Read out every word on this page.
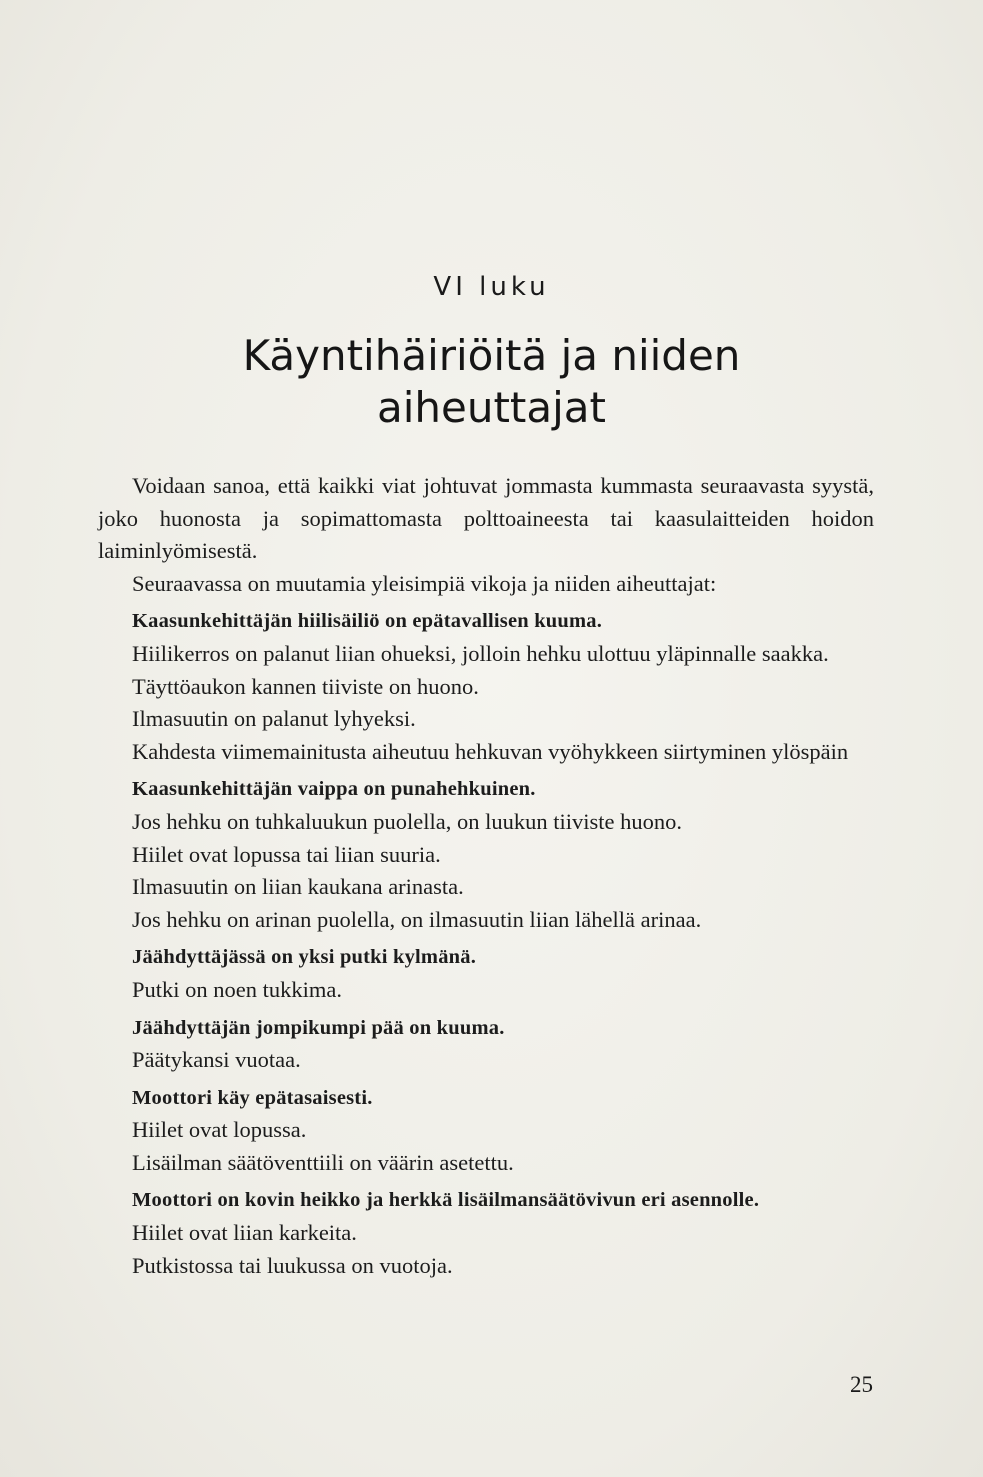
VI luku
Käyntihäiriöitä ja niiden
aiheuttajat

Voidaan sanoa, että kaikki viat johtuvat jommasta kummasta seuraavasta syystä, joko huonosta ja sopimattomasta polttoaineesta tai kaasulaitteiden hoidon laiminlyömisestä.

Seuraavassa on muutamia yleisimpiä vikoja ja niiden aiheuttajat:

Kaasunkehittäjän hiilisäiliö on epätavallisen kuuma.

Hiilikerros on palanut liian ohueksi, jolloin hehku ulottuu yläpinnalle saakka.

Täyttöaukon kannen tiiviste on huono.

Ilmasuutin on palanut lyhyeksi.

Kahdesta viimemainitusta aiheutuu hehkuvan vyöhykkeen siirtyminen ylöspäin

Kaasunkehittäjän vaippa on punahehkuinen.

Jos hehku on tuhkaluukun puolella, on luukun tiiviste huono.

Hiilet ovat lopussa tai liian suuria.

Ilmasuutin on liian kaukana arinasta.

Jos hehku on arinan puolella, on ilmasuutin liian lähellä arinaa.

Jäähdyttäjässä on yksi putki kylmänä.

Putki on noen tukkima.

Jäähdyttäjän jompikumpi pää on kuuma.

Päätykansi vuotaa.

Moottori käy epätasaisesti.

Hiilet ovat lopussa.

Lisäilman säätöventtiili on väärin asetettu.

Moottori on kovin heikko ja herkkä lisäilmansäätövivun eri asennolle.

Hiilet ovat liian karkeita.

Putkistossa tai luukussa on vuotoja.

25
